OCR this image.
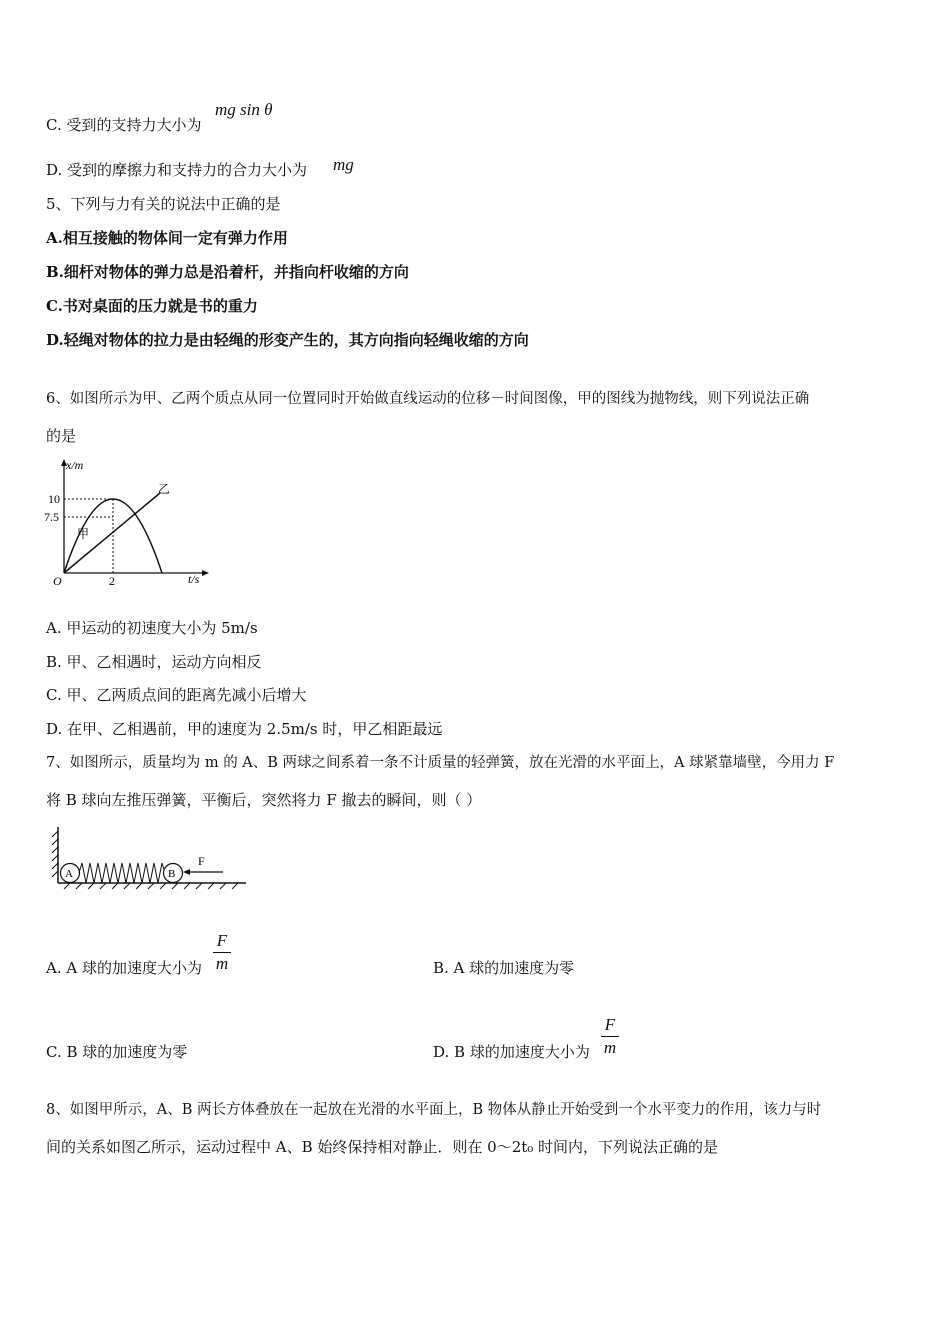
C. 受到的支持力大小为
mg sin θ
D. 受到的摩擦力和支持力的合力大小为 mg
5、下列与力有关的说法中正确的是
A.相互接触的物体间一定有弹力作用
B.细杆对物体的弹力总是沿着杆，并指向杆收缩的方向
C.书对桌面的压力就是书的重力
D.轻绳对物体的拉力是由轻绳的形变产生的，其方向指向轻绳收缩的方向
6、如图所示为甲、乙两个质点从同一位置同时开始做直线运动的位移－时间图像，甲的图线为抛物线，则下列说法正确
的是
x/m
t/s
O
10
7.5
2
甲
乙
A. 甲运动的初速度大小为 5m/s
B. 甲、乙相遇时，运动方向相反
C. 甲、乙两质点间的距离先减小后增大
D. 在甲、乙相遇前，甲的速度为 2.5m/s 时，甲乙相距最远
7、如图所示，质量均为 m 的 A、B 两球之间系着一条不计质量的轻弹簧，放在光滑的水平面上，A 球紧靠墙壁，今用力 F
将 B 球向左推压弹簧，平衡后，突然将力 F 撤去的瞬间，则（ ）
A	B
F
A. A 球的加速度大小为
F
m	B. A 球的加速度为零
C. B 球的加速度为零	D. B 球的加速度大小为
F
m
8、如图甲所示，A、B 两长方体叠放在一起放在光滑的水平面上，B 物体从静止开始受到一个水平变力的作用，该力与时
间的关系如图乙所示，运动过程中 A、B 始终保持相对静止．则在 0～2t₀ 时间内，下列说法正确的是
